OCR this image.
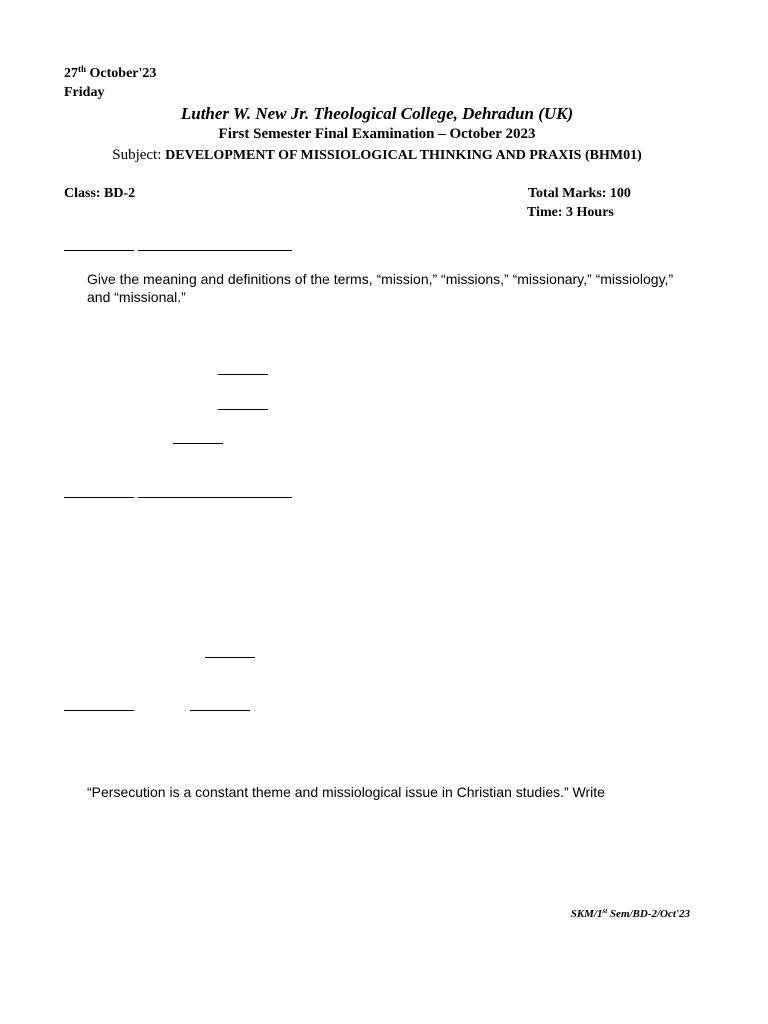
27th October'23
Friday
Luther W. New Jr. Theological College, Dehradun (UK)
First Semester Final Examination – October 2023
Subject: DEVELOPMENT OF MISSIOLOGICAL THINKING AND PRAXIS (BHM01)
Class: BD-2	Total Marks: 100
Time: 3 Hours
Give the meaning and definitions of the terms, “mission,” “missions,” “missionary,” “missiology,” and “missional.”
“Persecution is a constant theme and missiological issue in Christian studies.” Write
SKM/1st Sem/BD-2/Oct'23
